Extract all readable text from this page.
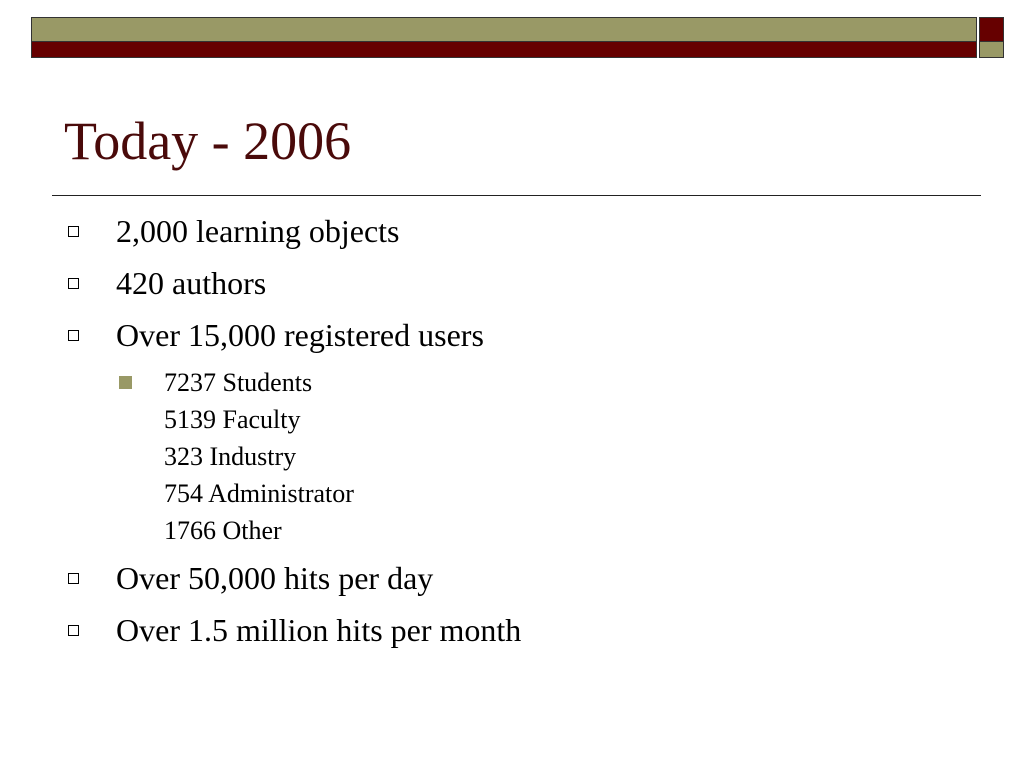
Today - 2006
2,000 learning objects
420 authors
Over 15,000 registered users
7237 Students
5139 Faculty
323 Industry
754 Administrator
1766 Other
Over 50,000 hits per day
Over 1.5 million hits per month
